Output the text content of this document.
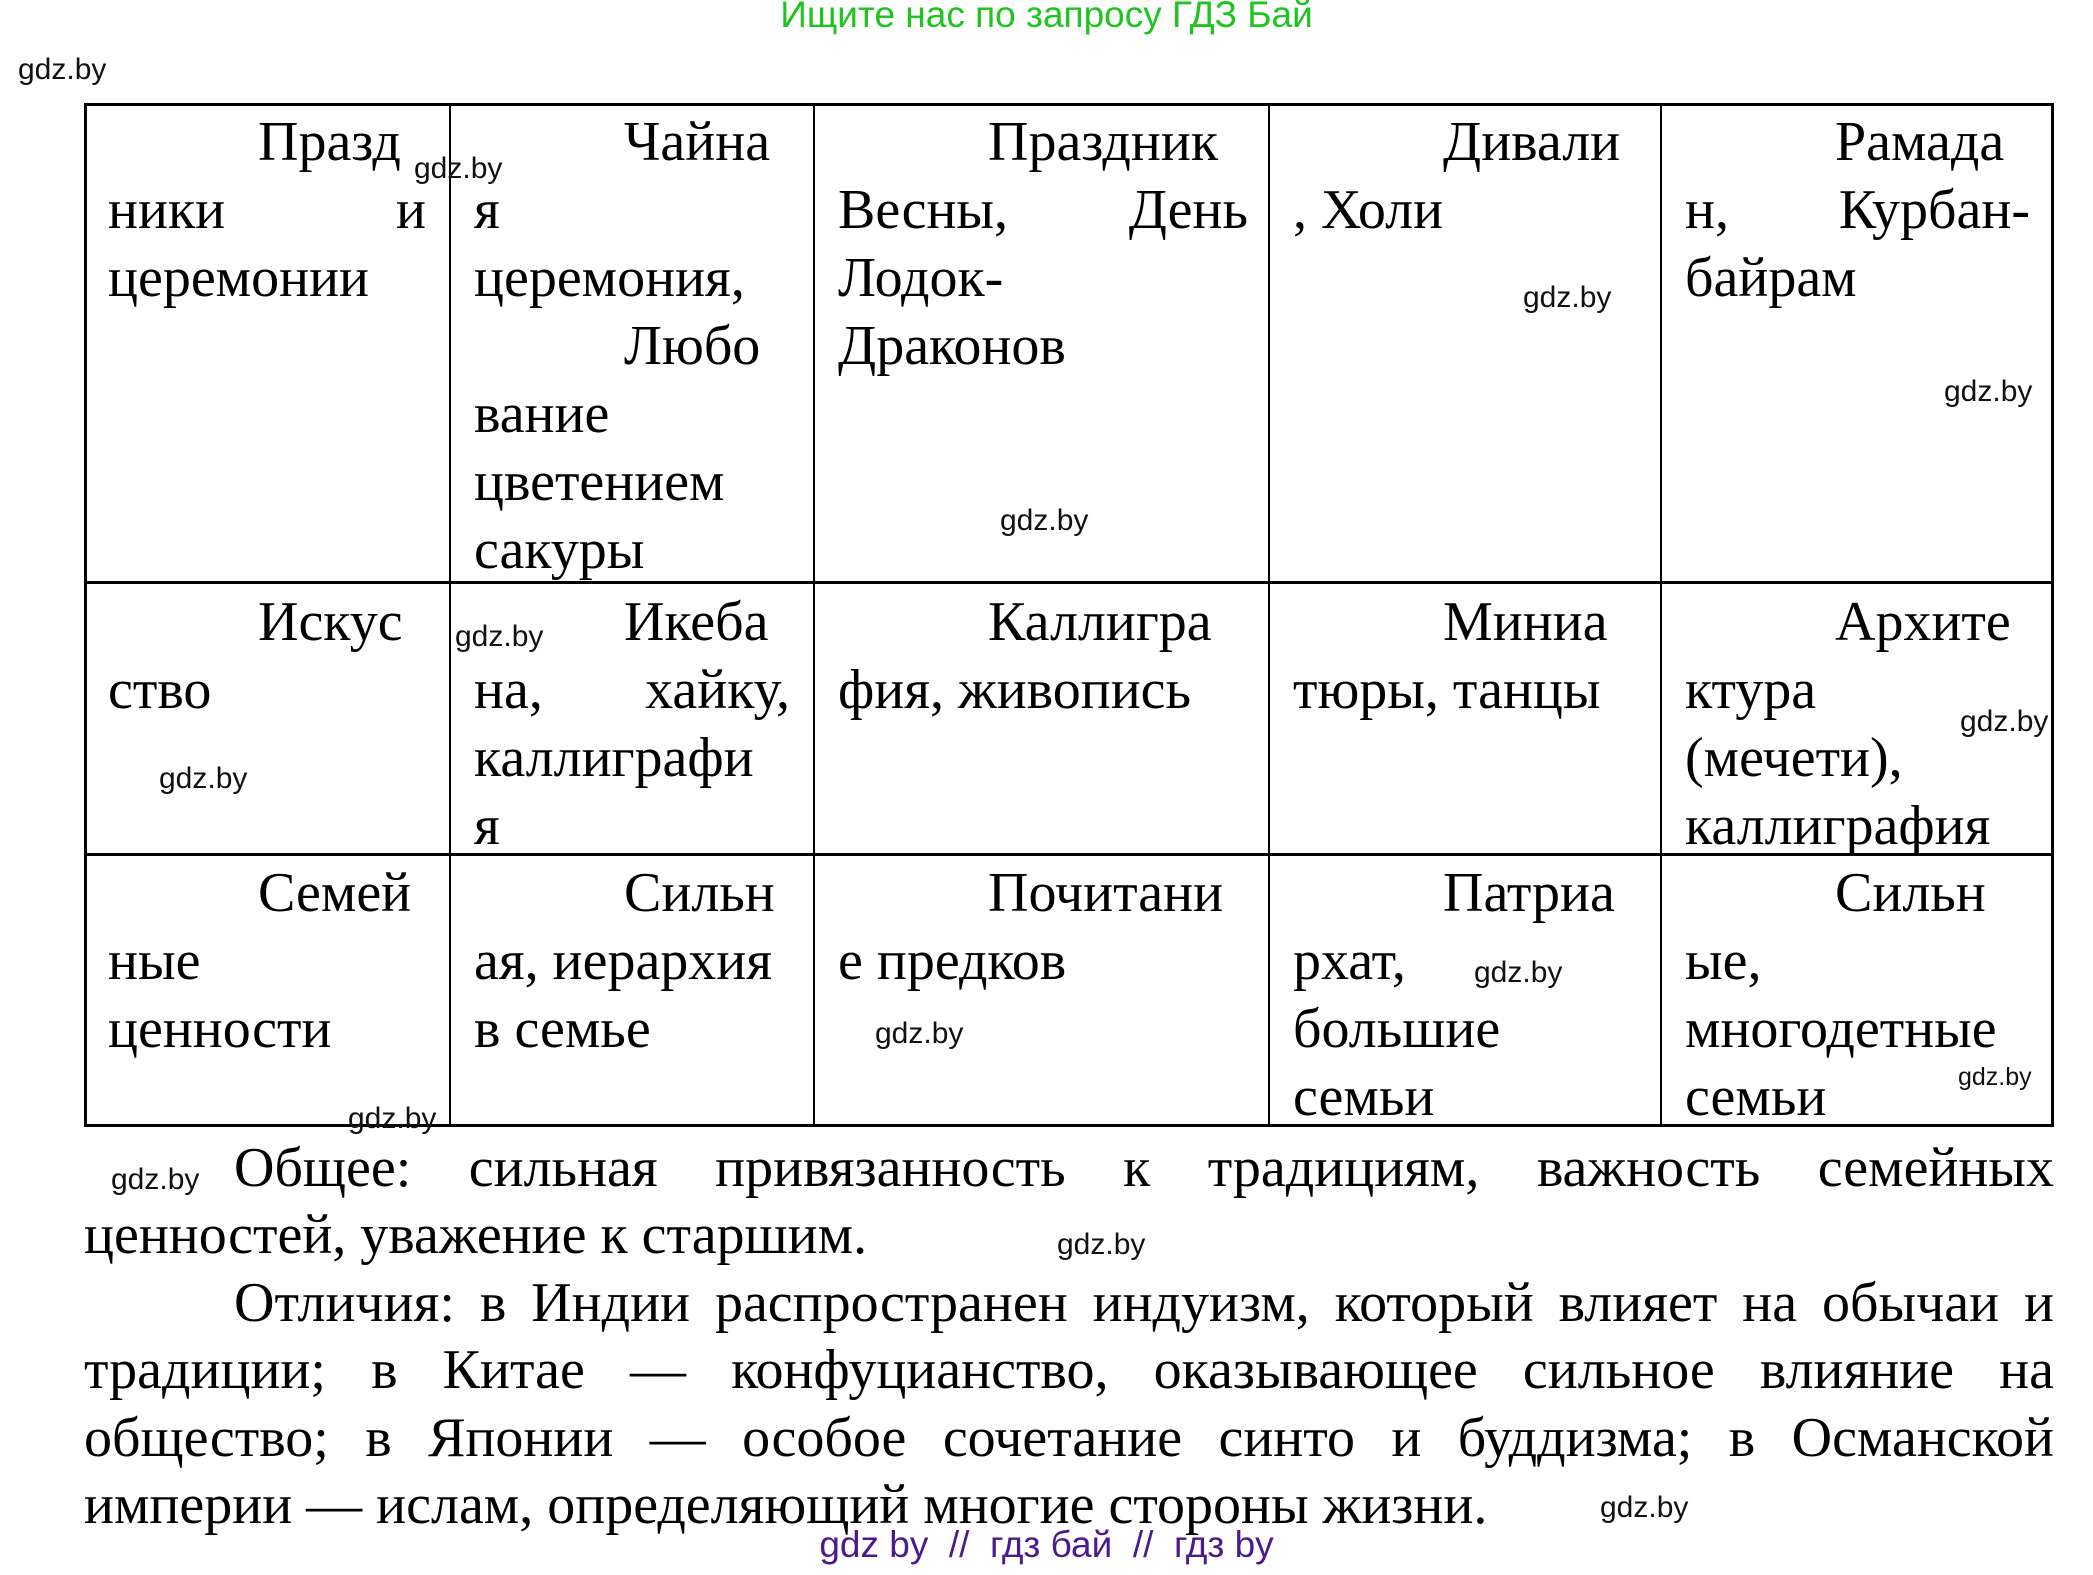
Ищите нас по запросу ГДЗ Бай
Празд
ники и
церемонии
Чайна
я
церемония,
Любо
вание
цветением
сакуры
Праздник
Весны, День
Лодок-
Драконов
Дивали
, Холи
Рамада
н, Курбан-
байрам
Искус
ство
Икеба
на, хайку,
каллиграфи
я
Каллигра
фия, живопись
Миниа
тюры, танцы
Архите
ктура
(мечети),
каллиграфия
Семей
ные
ценности
Сильн
ая, иерархия
в семье
Почитани
е предков
Патриа
рхат,
большие
семьи
Сильн
ые,
многодетные
семьи
Общее: сильная привязанность к традициям, важность семейных
ценностей, уважение к старшим.
Отличия: в Индии распространен индуизм, который влияет на обычаи и
традиции; в Китае — конфуцианство, оказывающее сильное влияние на
общество; в Японии — особое сочетание синто и буддизма; в Османской
империи — ислам, определяющий многие стороны жизни.
gdz.by
gdz.by
gdz.by
gdz.by
gdz.by
gdz.by
gdz.by
gdz.by
gdz.by
gdz.by
gdz.by
gdz.by
gdz.by
gdz.by
gdz.by
gdz by  //  гдз бай  //  гдз by
